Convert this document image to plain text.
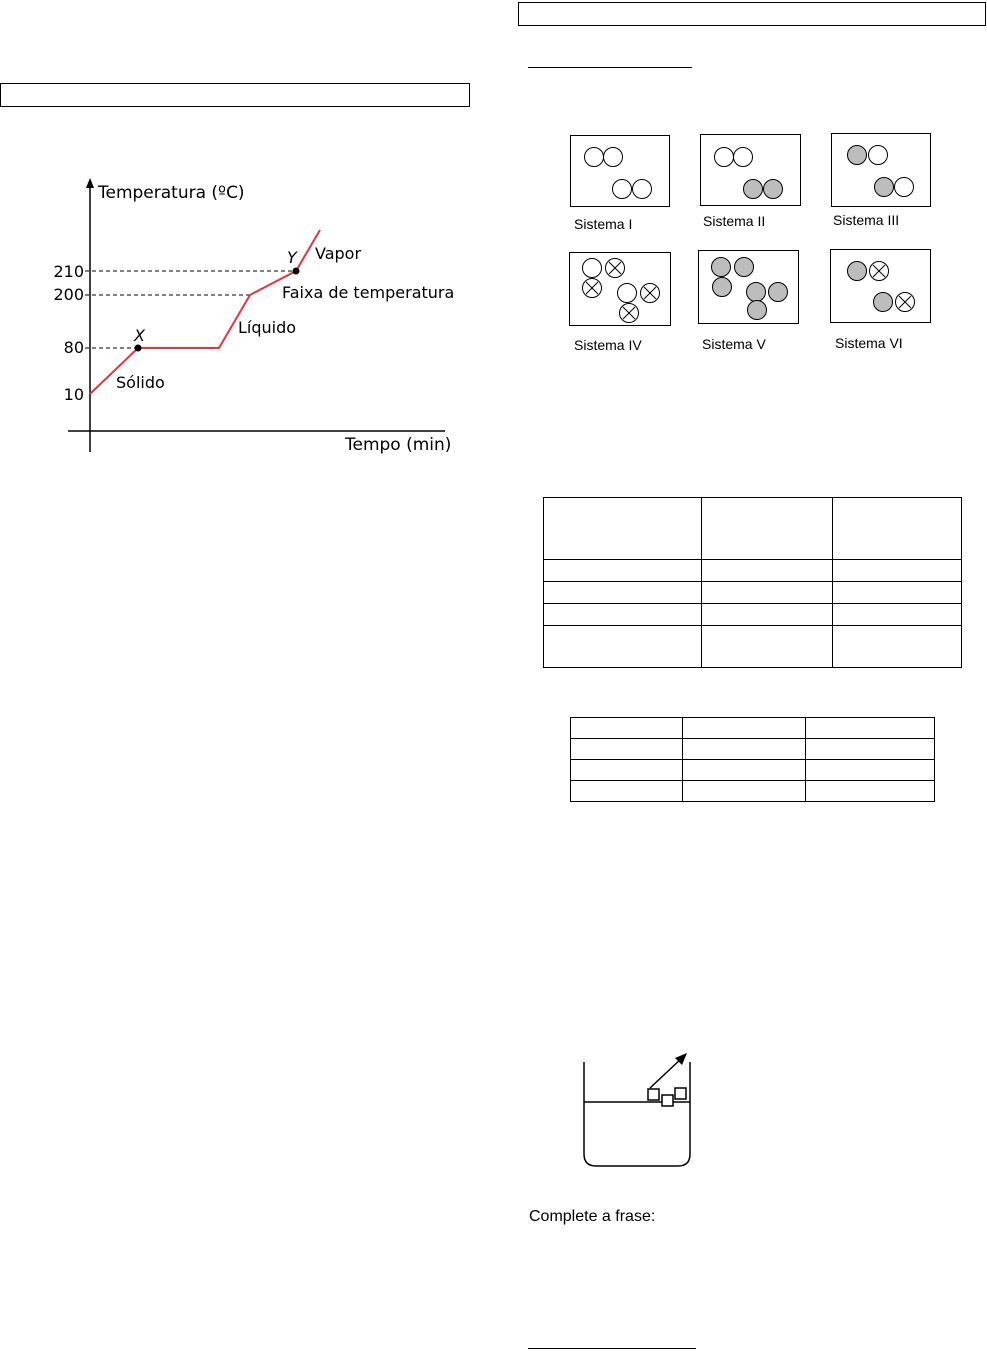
Temperatura (ºC)
Tempo (min)
10
80
200
210
X
Y
Sólido
Líquido
Faixa de temperatura
Vapor
Sistema I	Sistema II	Sistema III
Sistema IV	Sistema V	Sistema VI

Complete a frase:
